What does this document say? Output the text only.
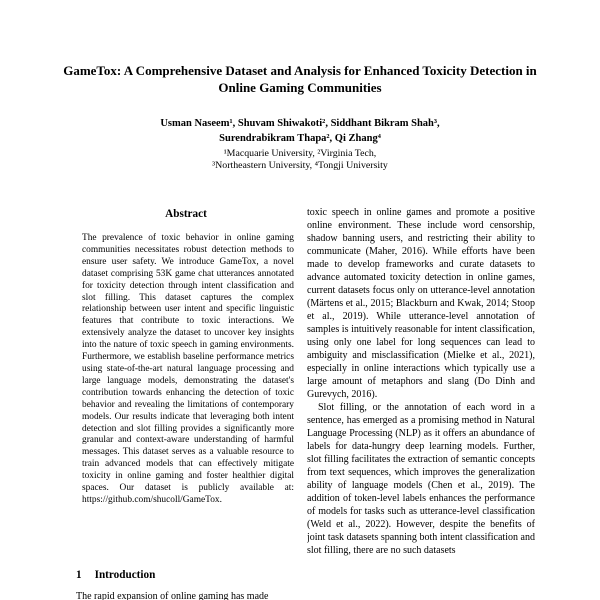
GameTox: A Comprehensive Dataset and Analysis for Enhanced Toxicity Detection in Online Gaming Communities
Usman Naseem¹, Shuvam Shiwakoti², Siddhant Bikram Shah³,
Surendrabikram Thapa², Qi Zhang⁴
¹Macquarie University, ²Virginia Tech,
³Northeastern University, ⁴Tongji University
Abstract

The prevalence of toxic behavior in online gaming communities necessitates robust detection methods to ensure user safety. We introduce GameTox, a novel dataset comprising 53K game chat utterances annotated for toxicity detection through intent classification and slot filling. This dataset captures the complex relationship between user intent and specific linguistic features that contribute to toxic interactions. We extensively analyze the dataset to uncover key insights into the nature of toxic speech in gaming environments. Furthermore, we establish baseline performance metrics using state-of-the-art natural language processing and large language models, demonstrating the dataset's contribution towards enhancing the detection of toxic behavior and revealing the limitations of contemporary models. Our results indicate that leveraging both intent detection and slot filling provides a significantly more granular and context-aware understanding of harmful messages. This dataset serves as a valuable resource to train advanced models that can effectively mitigate toxicity in online gaming and foster healthier digital spaces. Our dataset is publicly available at: https://github.com/shucoll/GameTox.

1 Introduction

The rapid expansion of online gaming has made

toxic speech in online games and promote a positive online environment. These include word censorship, shadow banning users, and restricting their ability to communicate (Maher, 2016). While efforts have been made to develop frameworks and curate datasets to advance automated toxicity detection in online games, current datasets focus only on utterance-level annotation (Märtens et al., 2015; Blackburn and Kwak, 2014; Stoop et al., 2019). While utterance-level annotation of samples is intuitively reasonable for intent classification, using only one label for long sequences can lead to ambiguity and misclassification (Mielke et al., 2021), especially in online interactions which typically use a large amount of metaphors and slang (Do Dinh and Gurevych, 2016).

Slot filling, or the annotation of each word in a sentence, has emerged as a promising method in Natural Language Processing (NLP) as it offers an abundance of labels for data-hungry deep learning models. Further, slot filling facilitates the extraction of semantic concepts from text sequences, which improves the generalization ability of language models (Chen et al., 2019). The addition of token-level labels enhances the performance of models for tasks such as utterance-level classification (Weld et al., 2022). However, despite the benefits of joint task datasets spanning both intent classification and slot filling, there are no such datasets
